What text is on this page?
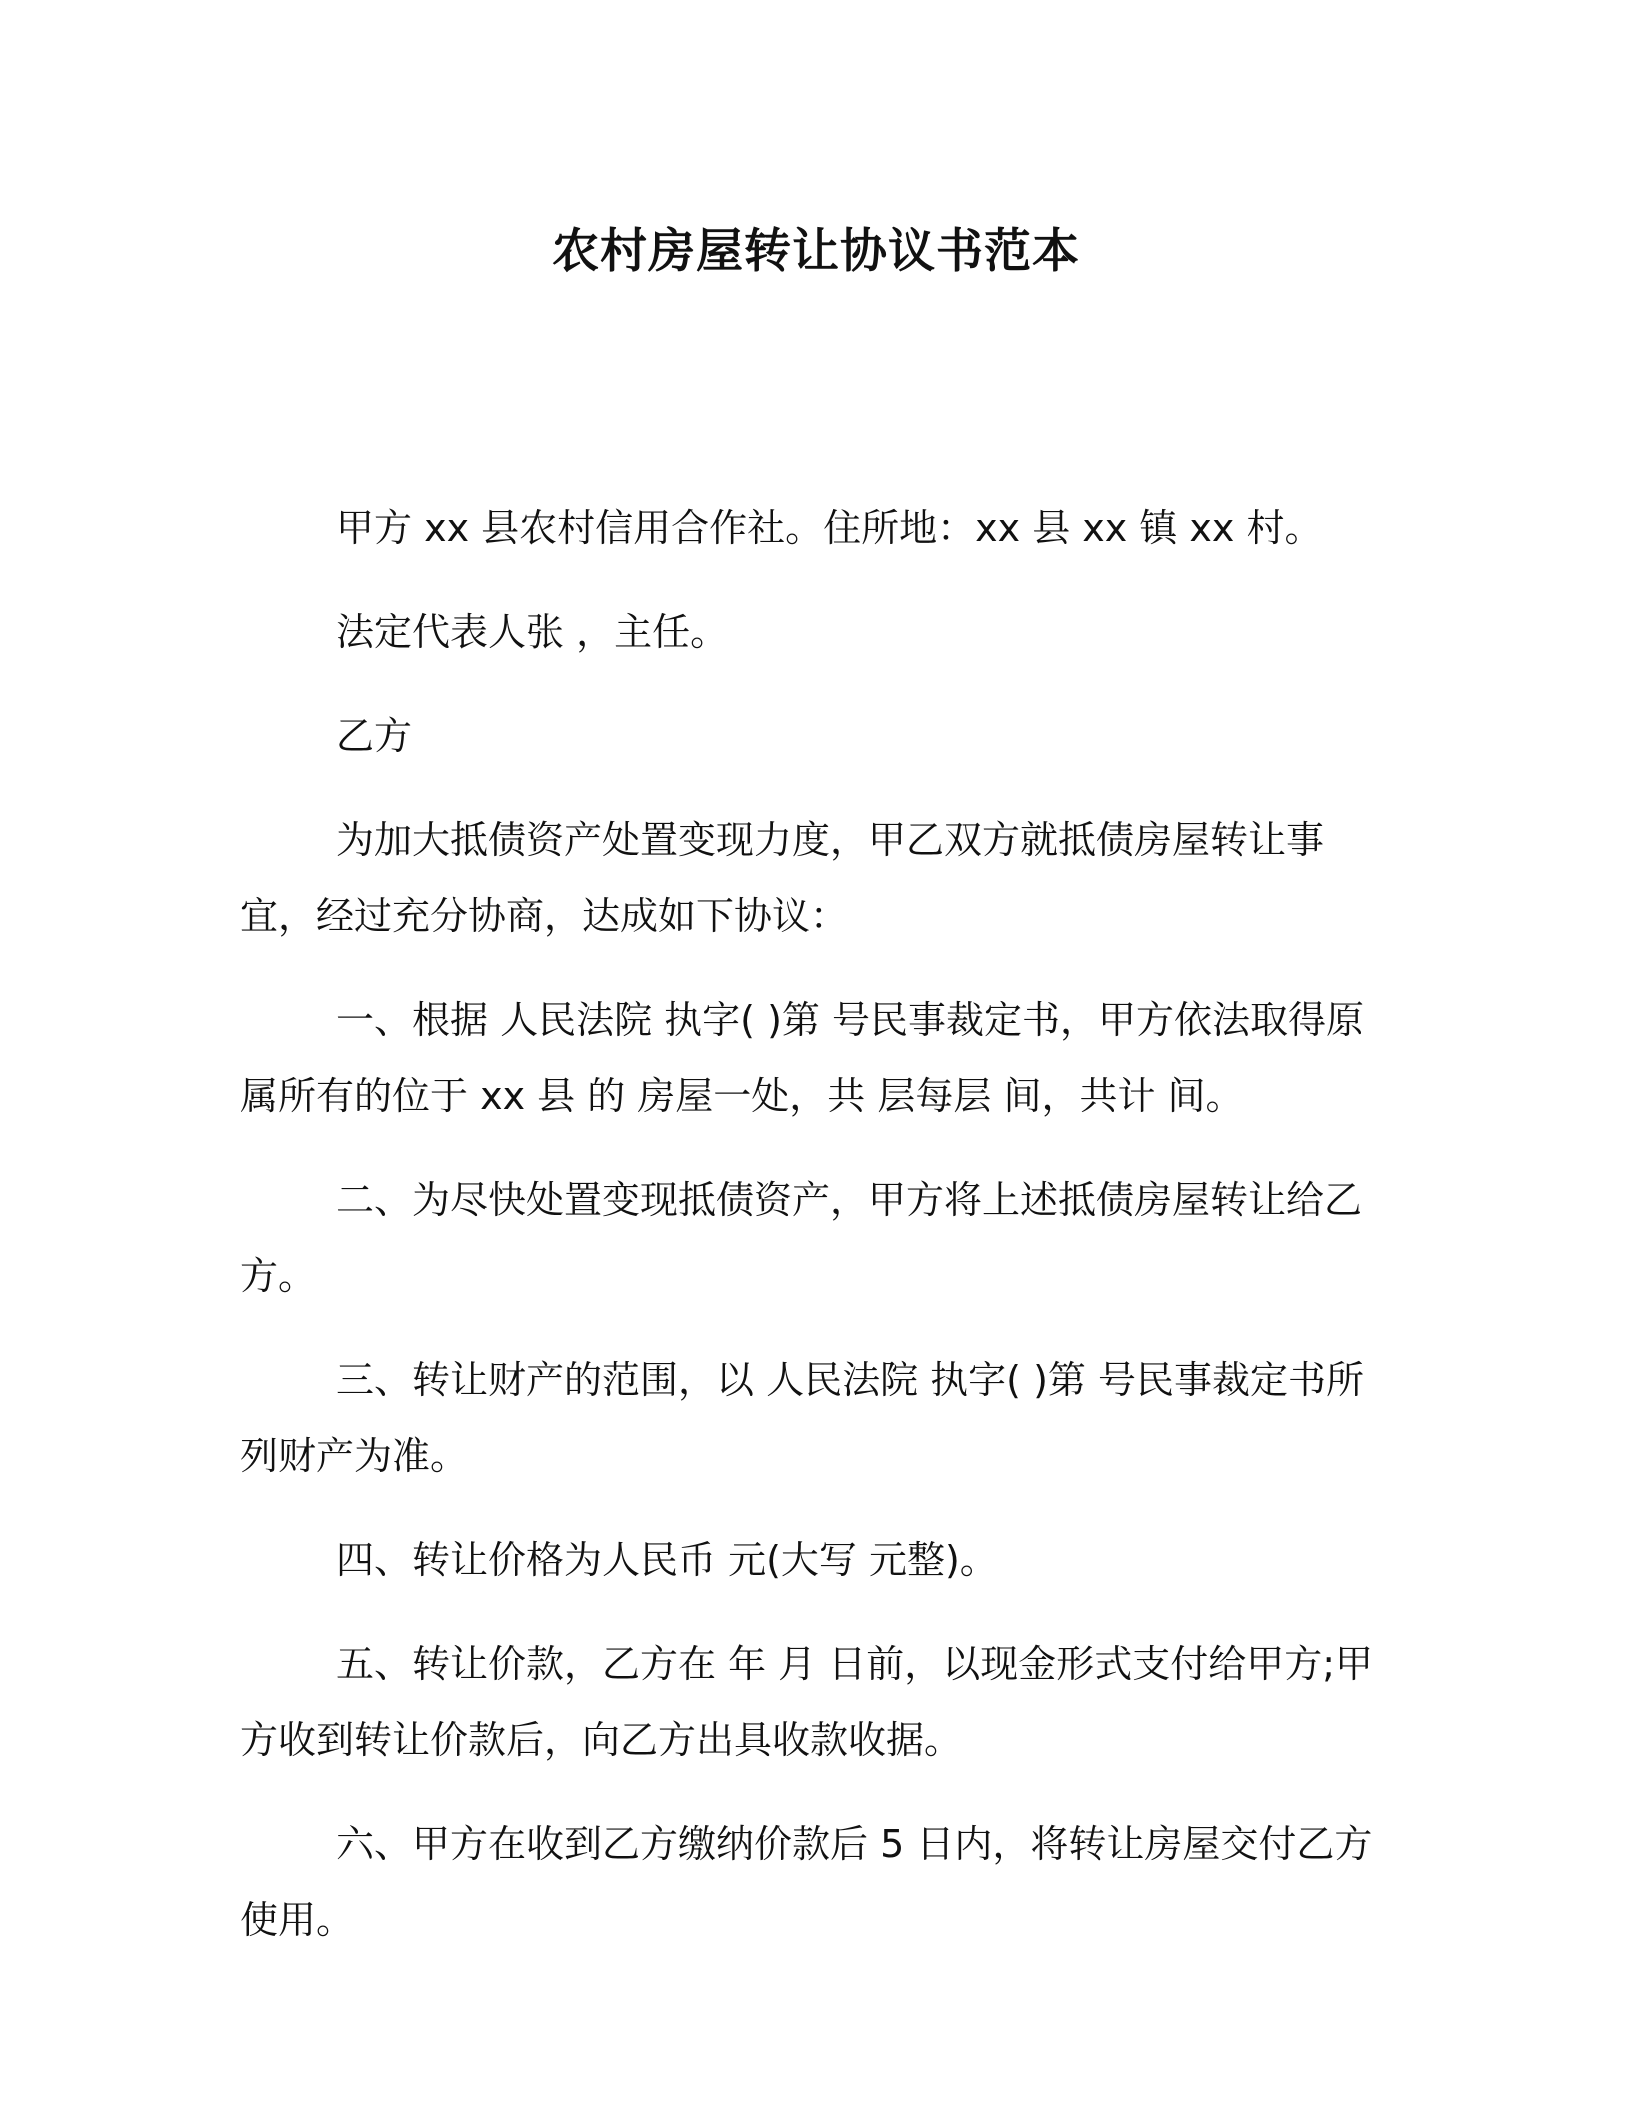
农村房屋转让协议书范本

甲方 xx 县农村信用合作社。住所地：xx 县 xx 镇 xx 村。

法定代表人张 ，主任。

乙方

为加大抵债资产处置变现力度，甲乙双方就抵债房屋转让事宜，经过充分协商，达成如下协议：

一、根据 人民法院 执字( )第 号民事裁定书，甲方依法取得原属所有的位于 xx 县 的 房屋一处，共 层每层 间，共计 间。

二、为尽快处置变现抵债资产，甲方将上述抵债房屋转让给乙方。

三、转让财产的范围，以 人民法院 执字( )第 号民事裁定书所列财产为准。

四、转让价格为人民币 元(大写 元整)。

五、转让价款，乙方在 年 月 日前，以现金形式支付给甲方;甲方收到转让价款后，向乙方出具收款收据。

六、甲方在收到乙方缴纳价款后 5 日内，将转让房屋交付乙方使用。
